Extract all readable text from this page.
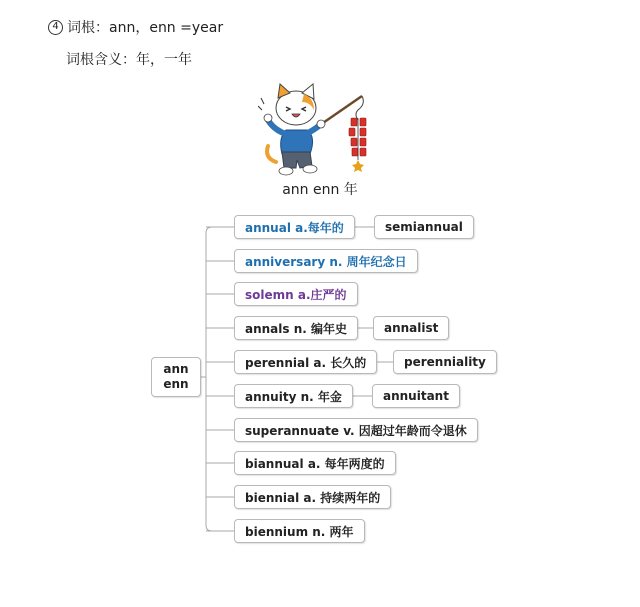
4 词根：ann，enn =year
词根含义：年，一年
ann enn 年
ann
enn
annual a.每年的	semiannual
anniversary n. 周年纪念日
solemn a.庄严的
annals n. 编年史	annalist
perennial a. 长久的	perenniality
annuity n. 年金	annuitant
superannuate v. 因超过年龄而令退休
biannual a. 每年两度的
biennial a. 持续两年的
biennium n. 两年
